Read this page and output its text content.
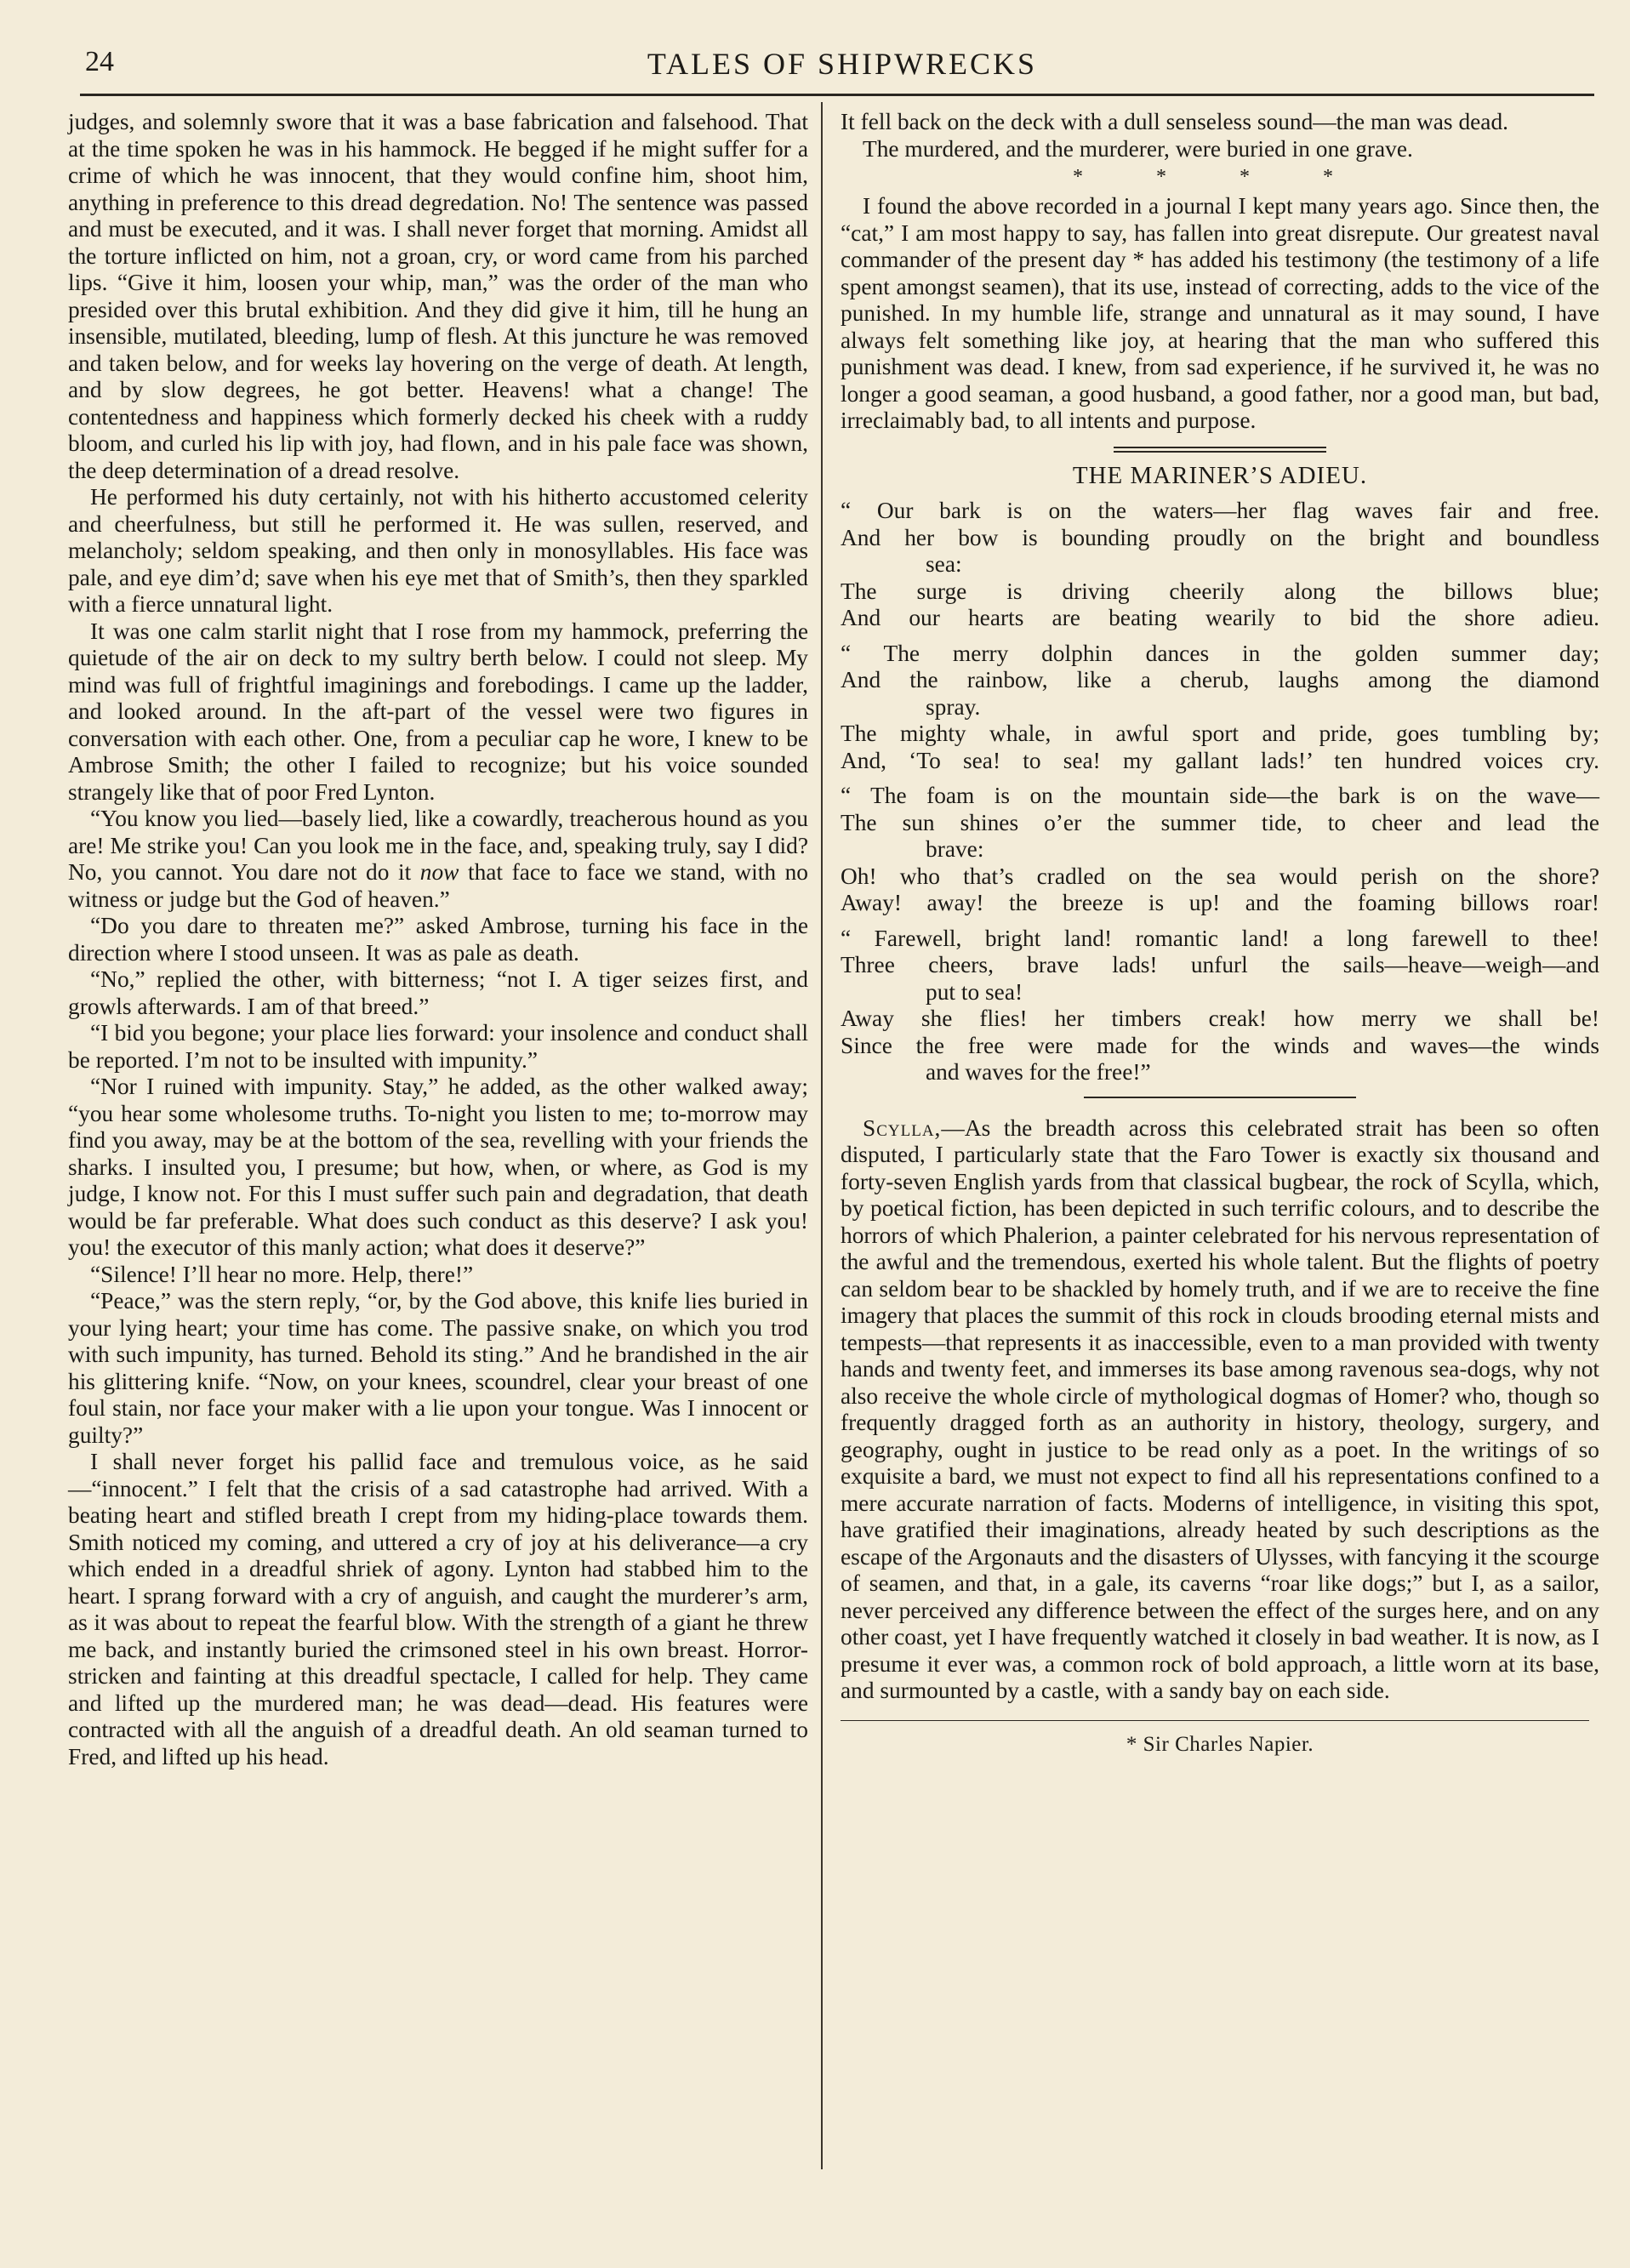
24	TALES OF SHIPWRECKS

judges, and solemnly swore that it was a base fabrication and falsehood. That at the time spoken he was in his hammock. He begged if he might suffer for a crime of which he was innocent, that they would confine him, shoot him, anything in preference to this dread degredation. No! The sentence was passed and must be executed, and it was. I shall never forget that morning. Amidst all the torture inflicted on him, not a groan, cry, or word came from his parched lips. “Give it him, loosen your whip, man,” was the order of the man who presided over this brutal exhibition. And they did give it him, till he hung an insensible, mutilated, bleeding, lump of flesh. At this juncture he was removed and taken below, and for weeks lay hovering on the verge of death. At length, and by slow degrees, he got better. Heavens! what a change! The contentedness and happiness which formerly decked his cheek with a ruddy bloom, and curled his lip with joy, had flown, and in his pale face was shown, the deep determination of a dread resolve.

He performed his duty certainly, not with his hitherto accustomed celerity and cheerfulness, but still he performed it. He was sullen, reserved, and melancholy; seldom speaking, and then only in monosyllables. His face was pale, and eye dim’d; save when his eye met that of Smith’s, then they sparkled with a fierce unnatural light.

It was one calm starlit night that I rose from my hammock, preferring the quietude of the air on deck to my sultry berth below. I could not sleep. My mind was full of frightful imaginings and forebodings. I came up the ladder, and looked around. In the aft-part of the vessel were two figures in conversation with each other. One, from a peculiar cap he wore, I knew to be Ambrose Smith; the other I failed to recognize; but his voice sounded strangely like that of poor Fred Lynton.

“You know you lied—basely lied, like a cowardly, treacherous hound as you are! Me strike you! Can you look me in the face, and, speaking truly, say I did? No, you cannot. You dare not do it now that face to face we stand, with no witness or judge but the God of heaven.”

“Do you dare to threaten me?” asked Ambrose, turning his face in the direction where I stood unseen. It was as pale as death.

“No,” replied the other, with bitterness; “not I. A tiger seizes first, and growls afterwards. I am of that breed.”

“I bid you begone; your place lies forward: your insolence and conduct shall be reported. I’m not to be insulted with impunity.”

“Nor I ruined with impunity. Stay,” he added, as the other walked away; “you hear some wholesome truths. To-night you listen to me; to-morrow may find you away, may be at the bottom of the sea, revelling with your friends the sharks. I insulted you, I presume; but how, when, or where, as God is my judge, I know not. For this I must suffer such pain and degradation, that death would be far preferable. What does such conduct as this deserve? I ask you! you! the executor of this manly action; what does it deserve?”

“Silence! I’ll hear no more. Help, there!”

“Peace,” was the stern reply, “or, by the God above, this knife lies buried in your lying heart; your time has come. The passive snake, on which you trod with such impunity, has turned. Behold its sting.” And he brandished in the air his glittering knife. “Now, on your knees, scoundrel, clear your breast of one foul stain, nor face your maker with a lie upon your tongue. Was I innocent or guilty?”

I shall never forget his pallid face and tremulous voice, as he said—“innocent.” I felt that the crisis of a sad catastrophe had arrived. With a beating heart and stifled breath I crept from my hiding-place towards them. Smith noticed my coming, and uttered a cry of joy at his deliverance—a cry which ended in a dreadful shriek of agony. Lynton had stabbed him to the heart. I sprang forward with a cry of anguish, and caught the murderer’s arm, as it was about to repeat the fearful blow. With the strength of a giant he threw me back, and instantly buried the crimsoned steel in his own breast. Horror-stricken and fainting at this dreadful spectacle, I called for help. They came and lifted up the murdered man; he was dead—dead. His features were contracted with all the anguish of a dreadful death. An old seaman turned to Fred, and lifted up his head.

It fell back on the deck with a dull senseless sound—the man was dead.

The murdered, and the murderer, were buried in one grave.

* * * *

I found the above recorded in a journal I kept many years ago. Since then, the “cat,” I am most happy to say, has fallen into great disrepute. Our greatest naval commander of the present day * has added his testimony (the testimony of a life spent amongst seamen), that its use, instead of correcting, adds to the vice of the punished. In my humble life, strange and unnatural as it may sound, I have always felt something like joy, at hearing that the man who suffered this punishment was dead. I knew, from sad experience, if he survived it, he was no longer a good seaman, a good husband, a good father, nor a good man, but bad, irreclaimably bad, to all intents and purpose.

THE MARINER’S ADIEU.
“ Our bark is on the waters—her flag waves fair and free.
And her bow is bounding proudly on the bright and boundless
sea:
The surge is driving cheerily along the billows blue;
And our hearts are beating wearily to bid the shore adieu.
“ The merry dolphin dances in the golden summer day;
And the rainbow, like a cherub, laughs among the diamond
spray.
The mighty whale, in awful sport and pride, goes tumbling by;
And, ‘To sea! to sea! my gallant lads!’ ten hundred voices cry.
“ The foam is on the mountain side—the bark is on the wave—
The sun shines o’er the summer tide, to cheer and lead the
brave:
Oh! who that’s cradled on the sea would perish on the shore?
Away! away! the breeze is up! and the foaming billows roar!
“ Farewell, bright land! romantic land! a long farewell to thee!
Three cheers, brave lads! unfurl the sails—heave—weigh—and
put to sea!
Away she flies! her timbers creak! how merry we shall be!
Since the free were made for the winds and waves—the winds
and waves for the free!”

Scylla,—As the breadth across this celebrated strait has been so often disputed, I particularly state that the Faro Tower is exactly six thousand and forty-seven English yards from that classical bugbear, the rock of Scylla, which, by poetical fiction, has been depicted in such terrific colours, and to describe the horrors of which Phalerion, a painter celebrated for his nervous representation of the awful and the tremendous, exerted his whole talent. But the flights of poetry can seldom bear to be shackled by homely truth, and if we are to receive the fine imagery that places the summit of this rock in clouds brooding eternal mists and tempests—that represents it as inaccessible, even to a man provided with twenty hands and twenty feet, and immerses its base among ravenous sea-dogs, why not also receive the whole circle of mythological dogmas of Homer? who, though so frequently dragged forth as an authority in history, theology, surgery, and geography, ought in justice to be read only as a poet. In the writings of so exquisite a bard, we must not expect to find all his representations confined to a mere accurate narration of facts. Moderns of intelligence, in visiting this spot, have gratified their imaginations, already heated by such descriptions as the escape of the Argonauts and the disasters of Ulysses, with fancying it the scourge of seamen, and that, in a gale, its caverns “roar like dogs;” but I, as a sailor, never perceived any difference between the effect of the surges here, and on any other coast, yet I have frequently watched it closely in bad weather. It is now, as I presume it ever was, a common rock of bold approach, a little worn at its base, and surmounted by a castle, with a sandy bay on each side.

* Sir Charles Napier.
